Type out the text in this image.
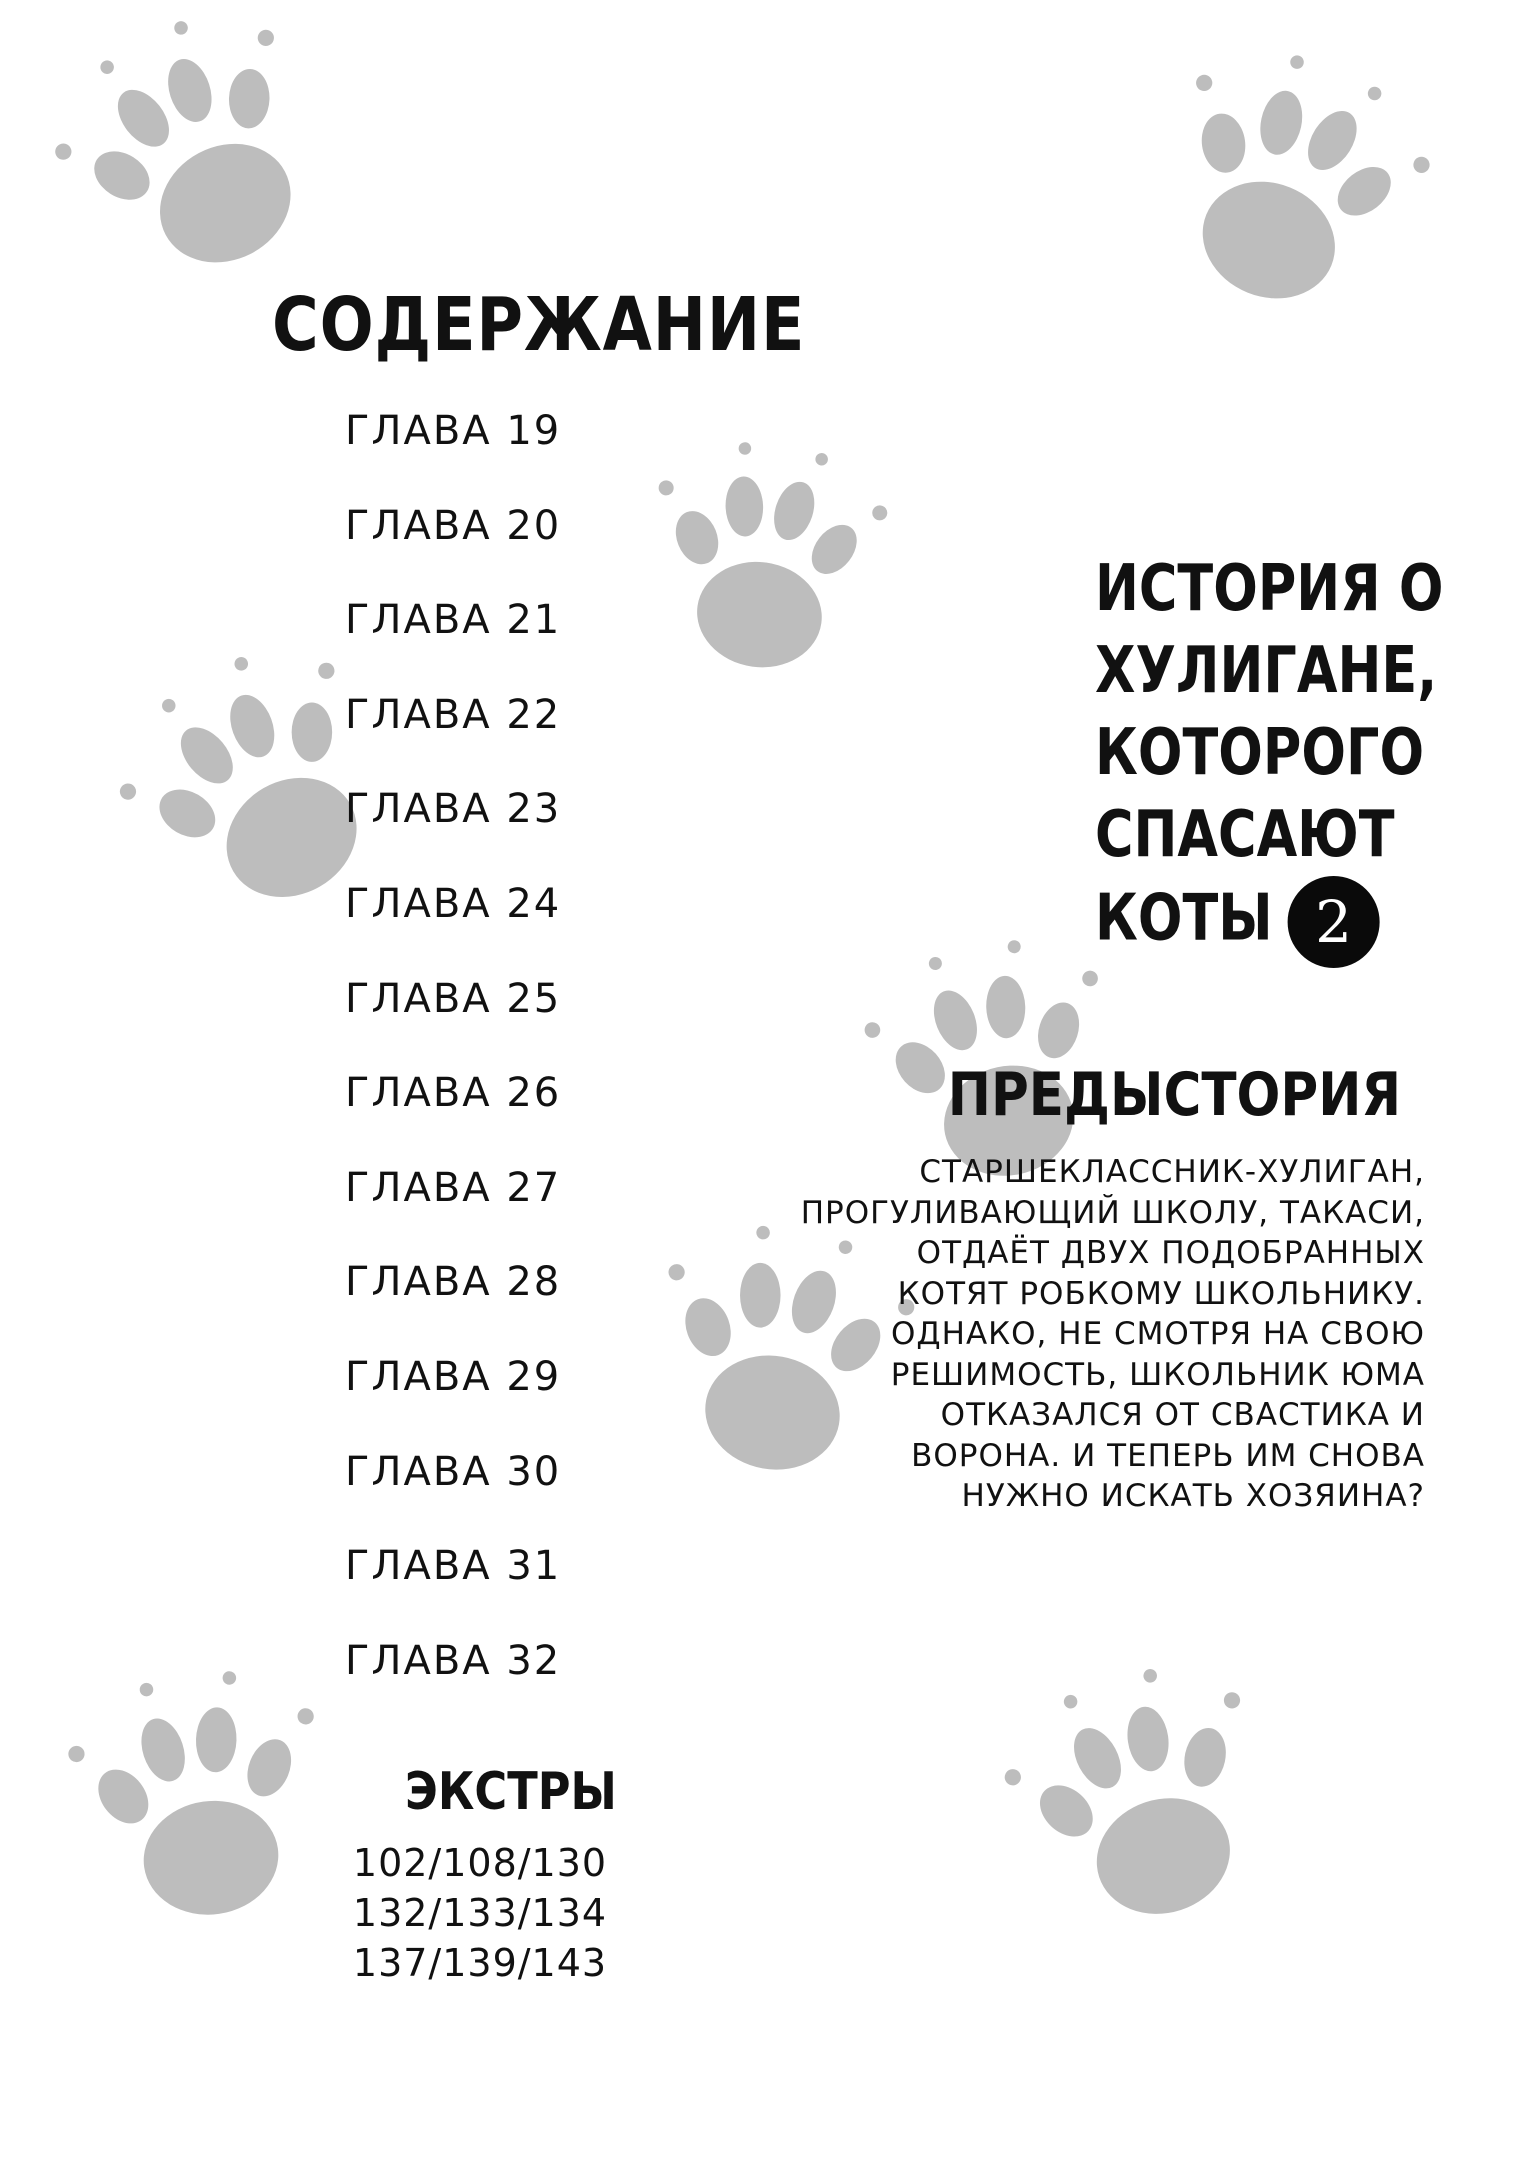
СОДЕРЖАНИЕ
ГЛАВА 19
ГЛАВА 20
ГЛАВА 21
ГЛАВА 22
ГЛАВА 23
ГЛАВА 24
ГЛАВА 25
ГЛАВА 26
ГЛАВА 27
ГЛАВА 28
ГЛАВА 29
ГЛАВА 30
ГЛАВА 31
ГЛАВА 32
ЭКСТРЫ
102/108/130
132/133/134
137/139/143
ИСТОРИЯ О
ХУЛИГАНЕ,
КОТОРОГО
СПАСАЮТ
КОТЫ 2
ПРЕДЫСТОРИЯ

СТАРШЕКЛАССНИК-ХУЛИГАН,
ПРОГУЛИВАЮЩИЙ ШКОЛУ, ТАКАСИ,
ОТДАЁТ ДВУХ ПОДОБРАННЫХ
КОТЯТ РОБКОМУ ШКОЛЬНИКУ.
ОДНАКО, НЕ СМОТРЯ НА СВОЮ
РЕШИМОСТЬ, ШКОЛЬНИК ЮМА
ОТКАЗАЛСЯ ОТ СВАСТИКА И
ВОРОНА. И ТЕПЕРЬ ИМ СНОВА
НУЖНО ИСКАТЬ ХОЗЯИНА?
